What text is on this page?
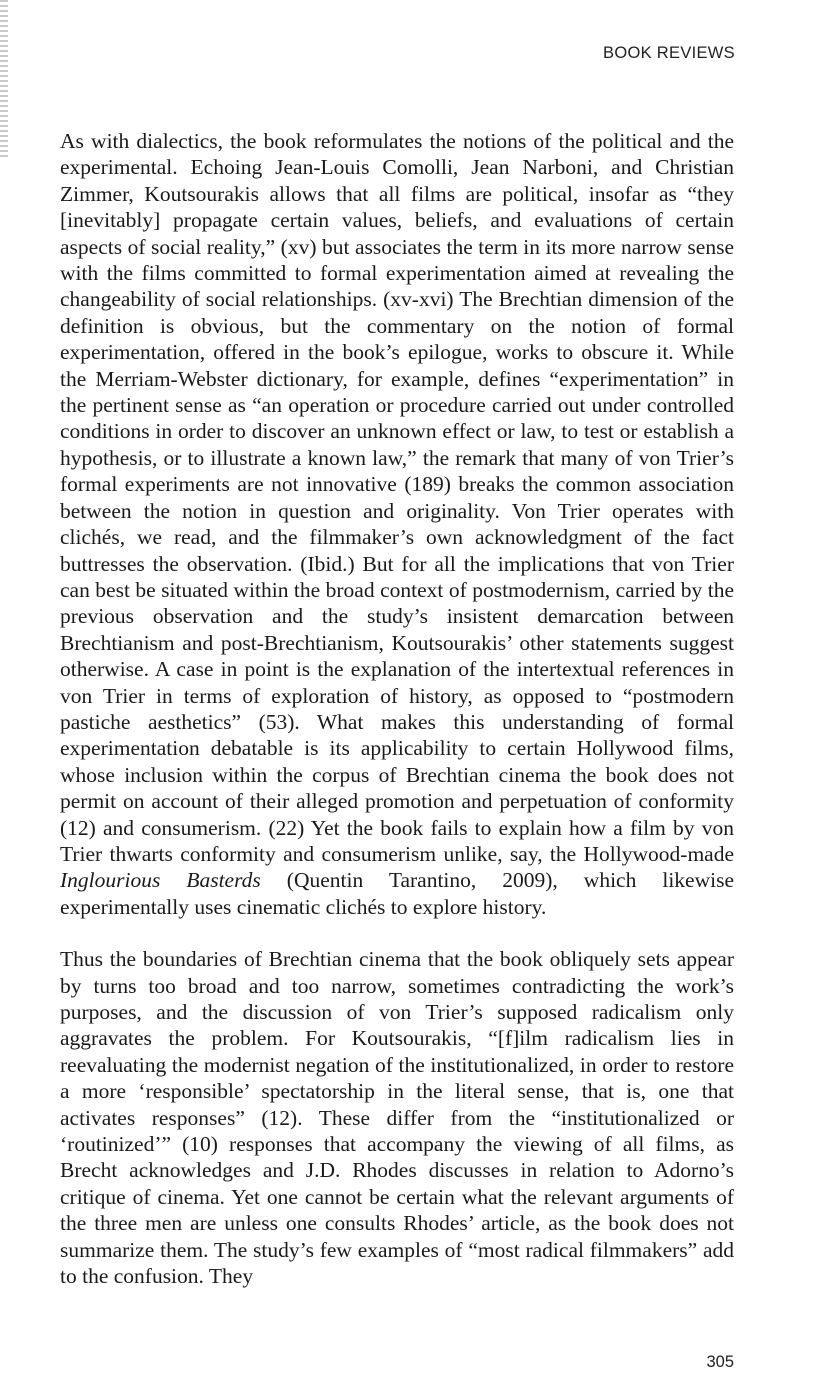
BOOK REVIEWS

As with dialectics, the book reformulates the notions of the political and the experimental. Echoing Jean-Louis Comolli, Jean Narboni, and Christian Zimmer, Koutsourakis allows that all films are political, insofar as “they [inevitably] propagate certain values, beliefs, and evaluations of certain aspects of social reality,” (xv) but associates the term in its more narrow sense with the films committed to formal experimentation aimed at revealing the changeability of social relationships. (xv-xvi) The Brechtian dimension of the definition is obvious, but the commentary on the notion of formal experimentation, offered in the book’s epilogue, works to obscure it. While the Merriam-Webster dictionary, for example, defines “experimentation” in the pertinent sense as “an operation or procedure carried out under controlled conditions in order to discover an unknown effect or law, to test or establish a hypothesis, or to illustrate a known law,” the remark that many of von Trier’s formal experiments are not innovative (189) breaks the common association between the notion in question and originality. Von Trier operates with clichés, we read, and the filmmaker’s own acknowledgment of the fact buttresses the observation. (Ibid.) But for all the implications that von Trier can best be situated within the broad context of postmodernism, carried by the previous observation and the study’s insistent demarcation between Brechtianism and post-Brechtianism, Koutsourakis’ other statements suggest otherwise. A case in point is the explanation of the intertextual references in von Trier in terms of exploration of history, as opposed to “postmodern pastiche aesthetics” (53). What makes this understanding of formal experimentation debatable is its applicability to certain Hollywood films, whose inclusion within the corpus of Brechtian cinema the book does not permit on account of their alleged promotion and perpetuation of conformity (12) and consumerism. (22) Yet the book fails to explain how a film by von Trier thwarts conformity and consumerism unlike, say, the Hollywood-made Inglourious Basterds (Quentin Tarantino, 2009), which likewise experimentally uses cinematic clichés to explore history.

Thus the boundaries of Brechtian cinema that the book obliquely sets appear by turns too broad and too narrow, sometimes contradicting the work’s purposes, and the discussion of von Trier’s supposed radicalism only aggravates the problem. For Koutsourakis, “[f]ilm radicalism lies in reevaluating the modernist negation of the institutionalized, in order to restore a more ‘responsible’ spectatorship in the literal sense, that is, one that activates responses” (12). These differ from the “institutionalized or ‘routinized’” (10) responses that accompany the viewing of all films, as Brecht acknowledges and J.D. Rhodes discusses in relation to Adorno’s critique of cinema. Yet one cannot be certain what the relevant arguments of the three men are unless one consults Rhodes’ article, as the book does not summarize them. The study’s few examples of “most radical filmmakers” add to the confusion. They

305
